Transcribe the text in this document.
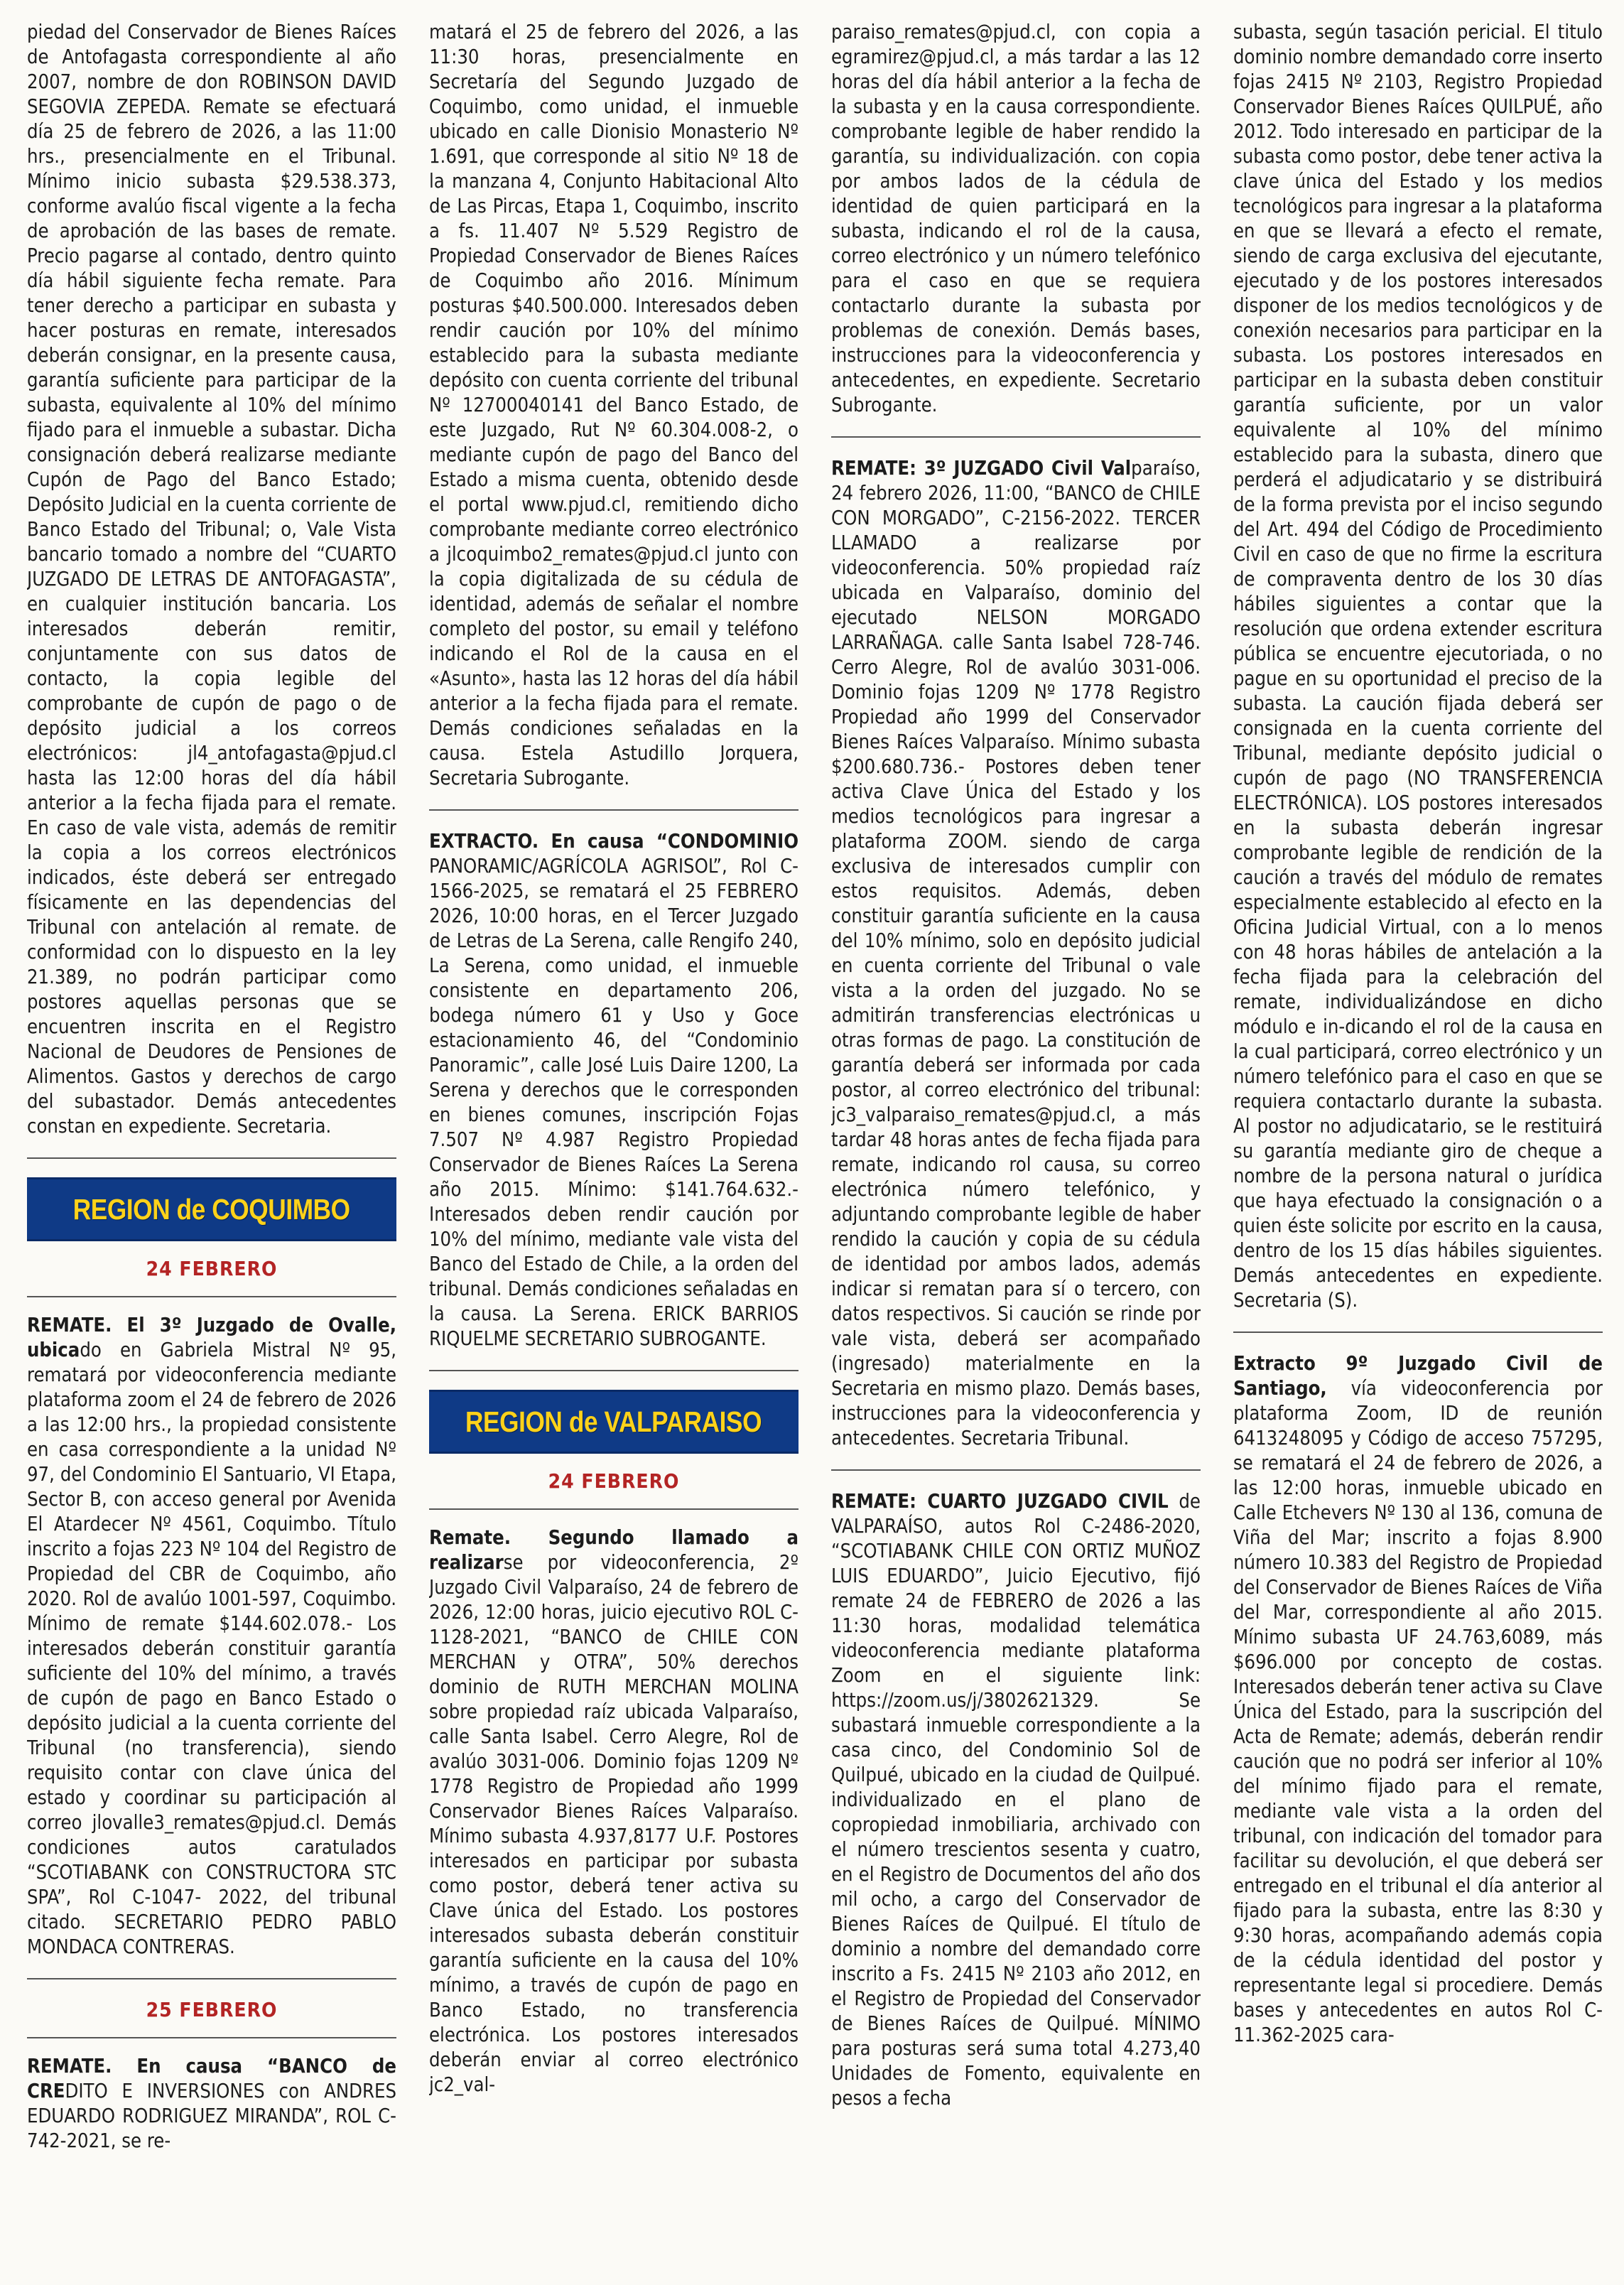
piedad del Conservador de Bienes Raíces de Antofagasta correspondiente al año 2007, nombre de don ROBINSON DAVID SEGOVIA ZEPEDA. Remate se efectuará día 25 de febrero de 2026, a las 11:00 hrs., presencialmente en el Tribunal. Mínimo inicio subasta $29.538.373, conforme avalúo fiscal vigente a la fecha de aprobación de las bases de remate. Precio pagarse al contado, dentro quinto día hábil siguiente fecha remate. Para tener derecho a participar en subasta y hacer posturas en remate, interesados deberán consignar, en la presente causa, garantía suficiente para participar de la subasta, equivalente al 10% del mínimo fijado para el inmueble a subastar. Dicha consignación deberá realizarse mediante Cupón de Pago del Banco Estado; Depósito Judicial en la cuenta corriente de Banco Estado del Tribunal; o, Vale Vista bancario tomado a nombre del “CUARTO JUZGADO DE LETRAS DE ANTOFAGASTA”, en cualquier institución bancaria. Los interesados deberán remitir, conjuntamente con sus datos de contacto, la copia legible del comprobante de cupón de pago o de depósito judicial a los correos electrónicos: jl4_antofagasta@pjud.cl hasta las 12:00 horas del día hábil anterior a la fecha fijada para el remate. En caso de vale vista, además de remitir la copia a los correos electrónicos indicados, éste deberá ser entregado físicamente en las dependencias del Tribunal con antelación al remate. de conformidad con lo dispuesto en la ley 21.389, no podrán participar como postores aquellas personas que se encuentren inscrita en el Registro Nacional de Deudores de Pensiones de Alimentos. Gastos y derechos de cargo del subastador. Demás antecedentes constan en expediente. Secretaria.

REGION de COQUIMBO
24 FEBRERO

REMATE. El 3º Juzgado de Ovalle, ubicado en Gabriela Mistral Nº 95, rematará por videoconferencia mediante plataforma zoom el 24 de febrero de 2026 a las 12:00 hrs., la propiedad consistente en casa correspondiente a la unidad Nº 97, del Condominio El Santuario, VI Etapa, Sector B, con acceso general por Avenida El Atardecer Nº 4561, Coquimbo. Título inscrito a fojas 223 Nº 104 del Registro de Propiedad del CBR de Coquimbo, año 2020. Rol de avalúo 1001-597, Coquimbo. Mínimo de remate $144.602.078.- Los interesados deberán constituir garantía suficiente del 10% del mínimo, a través de cupón de pago en Banco Estado o depósito judicial a la cuenta corriente del Tribunal (no transferencia), siendo requisito contar con clave única del estado y coordinar su participación al correo jlovalle3_remates@pjud.cl. Demás condiciones autos caratulados “SCOTIABANK con CONSTRUCTORA STC SPA”, Rol C-1047- 2022, del tribunal citado. SECRETARIO PEDRO PABLO MONDACA CONTRERAS.

25 FEBRERO

REMATE. En causa “BANCO de CREDITO E INVERSIONES con ANDRES EDUARDO RODRIGUEZ MIRANDA”, ROL C-742-2021, se re-

matará el 25 de febrero del 2026, a las 11:30 horas, presencialmente en Secretaría del Segundo Juzgado de Coquimbo, como unidad, el inmueble ubicado en calle Dionisio Monasterio Nº 1.691, que corresponde al sitio Nº 18 de la manzana 4, Conjunto Habitacional Alto de Las Pircas, Etapa 1, Coquimbo, inscrito a fs. 11.407 Nº 5.529 Registro de Propiedad Conservador de Bienes Raíces de Coquimbo año 2016. Mínimum posturas $40.500.000. Interesados deben rendir caución por 10% del mínimo establecido para la subasta mediante depósito con cuenta corriente del tribunal Nº 12700040141 del Banco Estado, de este Juzgado, Rut Nº 60.304.008-2, o mediante cupón de pago del Banco del Estado a misma cuenta, obtenido desde el portal www.pjud.cl, remitiendo dicho comprobante mediante correo electrónico a jlcoquimbo2_remates@pjud.cl junto con la copia digitalizada de su cédula de identidad, además de señalar el nombre completo del postor, su email y teléfono indicando el Rol de la causa en el «Asunto», hasta las 12 horas del día hábil anterior a la fecha fijada para el remate. Demás condiciones señaladas en la causa. Estela Astudillo Jorquera, Secretaria Subrogante.

EXTRACTO. En causa “CONDOMINIO PANORAMIC/AGRÍCOLA AGRISOL”, Rol C-1566-2025, se rematará el 25 FEBRERO 2026, 10:00 horas, en el Tercer Juzgado de Letras de La Serena, calle Rengifo 240, La Serena, como unidad, el inmueble consistente en departamento 206, bodega número 61 y Uso y Goce estacionamiento 46, del “Condominio Panoramic”, calle José Luis Daire 1200, La Serena y derechos que le corresponden en bienes comunes, inscripción Fojas 7.507 Nº 4.987 Registro Propiedad Conservador de Bienes Raíces La Serena año 2015. Mínimo: $141.764.632.- Interesados deben rendir caución por 10% del mínimo, mediante vale vista del Banco del Estado de Chile, a la orden del tribunal. Demás condiciones señaladas en la causa. La Serena. ERICK BARRIOS RIQUELME SECRETARIO SUBROGANTE.

REGION de VALPARAISO
24 FEBRERO

Remate. Segundo llamado a realizarse por videoconferencia, 2º Juzgado Civil Valparaíso, 24 de febrero de 2026, 12:00 horas, juicio ejecutivo ROL C-1128-2021, “BANCO de CHILE CON MERCHAN y OTRA”, 50% derechos dominio de RUTH MERCHAN MOLINA sobre propiedad raíz ubicada Valparaíso, calle Santa Isabel. Cerro Alegre, Rol de avalúo 3031-006. Dominio fojas 1209 Nº 1778 Registro de Propiedad año 1999 Conservador Bienes Raíces Valparaíso. Mínimo subasta 4.937,8177 U.F. Postores interesados en participar por subasta como postor, deberá tener activa su Clave única del Estado. Los postores interesados subasta deberán constituir garantía suficiente en la causa del 10% mínimo, a través de cupón de pago en Banco Estado, no transferencia electrónica. Los postores interesados deberán enviar al correo electrónico jc2_val-

paraiso_remates@pjud.cl, con copia a egramirez@pjud.cl, a más tardar a las 12 horas del día hábil anterior a la fecha de la subasta y en la causa correspondiente. comprobante legible de haber rendido la garantía, su individualización. con copia por ambos lados de la cédula de identidad de quien participará en la subasta, indicando el rol de la causa, correo electrónico y un número telefónico para el caso en que se requiera contactarlo durante la subasta por problemas de conexión. Demás bases, instrucciones para la videoconferencia y antecedentes, en expediente. Secretario Subrogante.

REMATE: 3º JUZGADO Civil Valparaíso, 24 febrero 2026, 11:00, “BANCO de CHILE CON MORGADO”, C-2156-2022. TERCER LLAMADO a realizarse por videoconferencia. 50% propiedad raíz ubicada en Valparaíso, dominio del ejecutado NELSON MORGADO LARRAÑAGA. calle Santa Isabel 728-746. Cerro Alegre, Rol de avalúo 3031-006. Dominio fojas 1209 Nº 1778 Registro Propiedad año 1999 del Conservador Bienes Raíces Valparaíso. Mínimo subasta $200.680.736.- Postores deben tener activa Clave Única del Estado y los medios tecnológicos para ingresar a plataforma ZOOM. siendo de carga exclusiva de interesados cumplir con estos requisitos. Además, deben constituir garantía suficiente en la causa del 10% mínimo, solo en depósito judicial en cuenta corriente del Tribunal o vale vista a la orden del juzgado. No se admitirán transferencias electrónicas u otras formas de pago. La constitución de garantía deberá ser informada por cada postor, al correo electrónico del tribunal: jc3_valparaiso_remates@pjud.cl, a más tardar 48 horas antes de fecha fijada para remate, indicando rol causa, su correo electrónica número telefónico, y adjuntando comprobante legible de haber rendido la caución y copia de su cédula de identidad por ambos lados, además indicar si rematan para sí o tercero, con datos respectivos. Si caución se rinde por vale vista, deberá ser acompañado (ingresado) materialmente en la Secretaria en mismo plazo. Demás bases, instrucciones para la videoconferencia y antecedentes. Secretaria Tribunal.

REMATE: CUARTO JUZGADO CIVIL de VALPARAÍSO, autos Rol C-2486-2020, “SCOTIABANK CHILE CON ORTIZ MUÑOZ LUIS EDUARDO”, Juicio Ejecutivo, fijó remate 24 de FEBRERO de 2026 a las 11:30 horas, modalidad telemática videoconferencia mediante plataforma Zoom en el siguiente link: https://zoom.us/j/3802621329. Se subastará inmueble correspondiente a la casa cinco, del Condominio Sol de Quilpué, ubicado en la ciudad de Quilpué. individualizado en el plano de copropiedad inmobiliaria, archivado con el número trescientos sesenta y cuatro, en el Registro de Documentos del año dos mil ocho, a cargo del Conservador de Bienes Raíces de Quilpué. El título de dominio a nombre del demandado corre inscrito a Fs. 2415 Nº 2103 año 2012, en el Registro de Propiedad del Conservador de Bienes Raíces de Quilpué. MÍNIMO para posturas será suma total 4.273,40 Unidades de Fomento, equivalente en pesos a fecha

subasta, según tasación pericial. El titulo dominio nombre demandado corre inserto fojas 2415 Nº 2103, Registro Propiedad Conservador Bienes Raíces QUILPUÉ, año 2012. Todo interesado en participar de la subasta como postor, debe tener activa la clave única del Estado y los medios tecnológicos para ingresar a la plataforma en que se llevará a efecto el remate, siendo de carga exclusiva del ejecutante, ejecutado y de los postores interesados disponer de los medios tecnológicos y de conexión necesarios para participar en la subasta. Los postores interesados en participar en la subasta deben constituir garantía suficiente, por un valor equivalente al 10% del mínimo establecido para la subasta, dinero que perderá el adjudicatario y se distribuirá de la forma prevista por el inciso segundo del Art. 494 del Código de Procedimiento Civil en caso de que no firme la escritura de compraventa dentro de los 30 días hábiles siguientes a contar que la resolución que ordena extender escritura pública se encuentre ejecutoriada, o no pague en su oportunidad el preciso de la subasta. La caución fijada deberá ser consignada en la cuenta corriente del Tribunal, mediante depósito judicial o cupón de pago (NO TRANSFERENCIA ELECTRÓNICA). LOS postores interesados en la subasta deberán ingresar comprobante legible de rendición de la caución a través del módulo de remates especialmente establecido al efecto en la Oficina Judicial Virtual, con a lo menos con 48 horas hábiles de antelación a la fecha fijada para la celebración del remate, individualizándose en dicho módulo e in-dicando el rol de la causa en la cual participará, correo electrónico y un número telefónico para el caso en que se requiera contactarlo durante la subasta. Al postor no adjudicatario, se le restituirá su garantía mediante giro de cheque a nombre de la persona natural o jurídica que haya efectuado la consignación o a quien éste solicite por escrito en la causa, dentro de los 15 días hábiles siguientes. Demás antecedentes en expediente. Secretaria (S).

Extracto 9º Juzgado Civil de Santiago, vía videoconferencia por plataforma Zoom, ID de reunión 6413248095 y Código de acceso 757295, se rematará el 24 de febrero de 2026, a las 12:00 horas, inmueble ubicado en Calle Etchevers Nº 130 al 136, comuna de Viña del Mar; inscrito a fojas 8.900 número 10.383 del Registro de Propiedad del Conservador de Bienes Raíces de Viña del Mar, correspondiente al año 2015. Mínimo subasta UF 24.763,6089, más $696.000 por concepto de costas. Interesados deberán tener activa su Clave Única del Estado, para la suscripción del Acta de Remate; además, deberán rendir caución que no podrá ser inferior al 10% del mínimo fijado para el remate, mediante vale vista a la orden del tribunal, con indicación del tomador para facilitar su devolución, el que deberá ser entregado en el tribunal el día anterior al fijado para la subasta, entre las 8:30 y 9:30 horas, acompañando además copia de la cédula identidad del postor y representante legal si procediere. Demás bases y antecedentes en autos Rol C-11.362-2025 cara-
